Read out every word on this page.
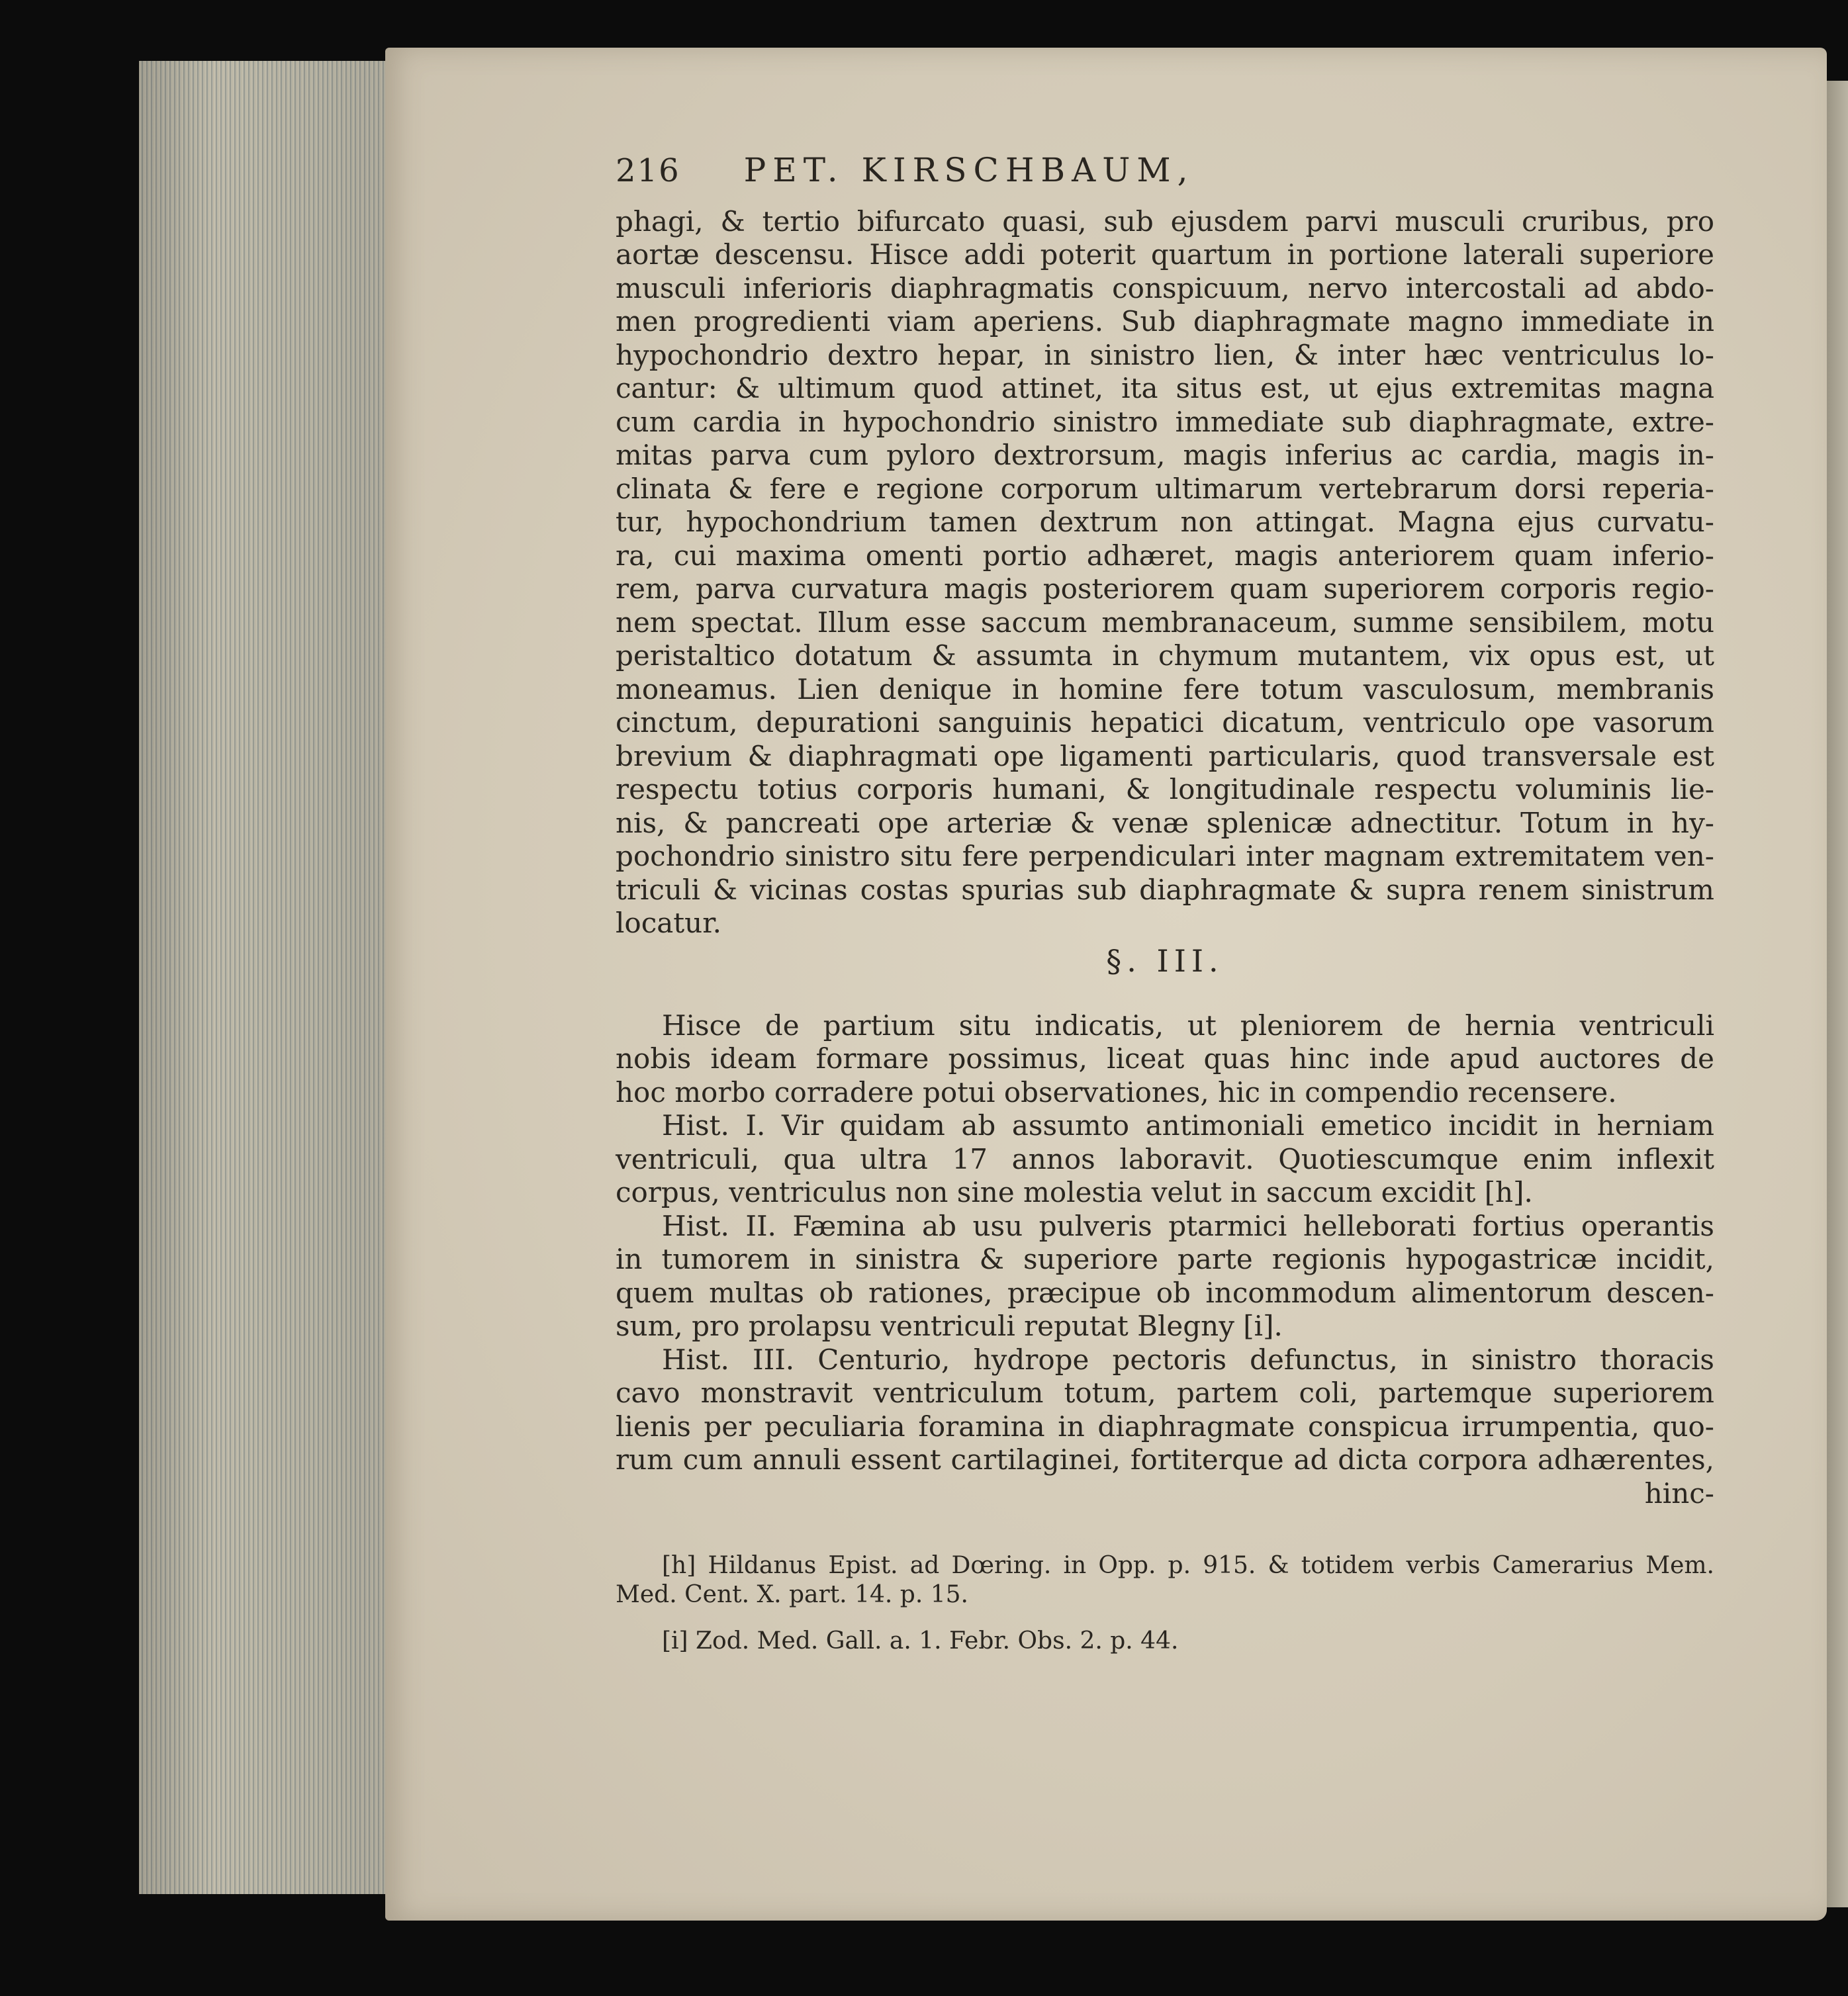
216 PET. KIRSCHBAUM,
phagi, & tertio bifurcato quasi, sub ejusdem parvi musculi cruribus, pro
aortæ descensu. Hisce addi poterit quartum in portione laterali superiore
musculi inferioris diaphragmatis conspicuum, nervo intercostali ad abdo-
men progredienti viam aperiens. Sub diaphragmate magno immediate in
hypochondrio dextro hepar, in sinistro lien, & inter hæc ventriculus lo-
cantur: & ultimum quod attinet, ita situs est, ut ejus extremitas magna
cum cardia in hypochondrio sinistro immediate sub diaphragmate, extre-
mitas parva cum pyloro dextrorsum, magis inferius ac cardia, magis in-
clinata & fere e regione corporum ultimarum vertebrarum dorsi reperia-
tur, hypochondrium tamen dextrum non attingat. Magna ejus curvatu-
ra, cui maxima omenti portio adhæret, magis anteriorem quam inferio-
rem, parva curvatura magis posteriorem quam superiorem corporis regio-
nem spectat. Illum esse saccum membranaceum, summe sensibilem, motu
peristaltico dotatum & assumta in chymum mutantem, vix opus est, ut
moneamus. Lien denique in homine fere totum vasculosum, membranis
cinctum, depurationi sanguinis hepatici dicatum, ventriculo ope vasorum
brevium & diaphragmati ope ligamenti particularis, quod transversale est
respectu totius corporis humani, & longitudinale respectu voluminis lie-
nis, & pancreati ope arteriæ & venæ splenicæ adnectitur. Totum in hy-
pochondrio sinistro situ fere perpendiculari inter magnam extremitatem ven-
triculi & vicinas costas spurias sub diaphragmate & supra renem sinistrum
locatur.
§. III.
Hisce de partium situ indicatis, ut pleniorem de hernia ventriculi
nobis ideam formare possimus, liceat quas hinc inde apud auctores de
hoc morbo corradere potui observationes, hic in compendio recensere.
Hist. I. Vir quidam ab assumto antimoniali emetico incidit in herniam
ventriculi, qua ultra 17 annos laboravit. Quotiescumque enim inflexit
corpus, ventriculus non sine molestia velut in saccum excidit [h].
Hist. II. Fæmina ab usu pulveris ptarmici helleborati fortius operantis
in tumorem in sinistra & superiore parte regionis hypogastricæ incidit,
quem multas ob rationes, præcipue ob incommodum alimentorum descen-
sum, pro prolapsu ventriculi reputat Blegny [i].
Hist. III. Centurio, hydrope pectoris defunctus, in sinistro thoracis
cavo monstravit ventriculum totum, partem coli, partemque superiorem
lienis per peculiaria foramina in diaphragmate conspicua irrumpentia, quo-
rum cum annuli essent cartilaginei, fortiterque ad dicta corpora adhærentes,
hinc-
[h] Hildanus Epist. ad Dœring. in Opp. p. 915. & totidem verbis Camerarius Mem.
Med. Cent. X. part. 14. p. 15.
[i] Zod. Med. Gall. a. 1. Febr. Obs. 2. p. 44.
